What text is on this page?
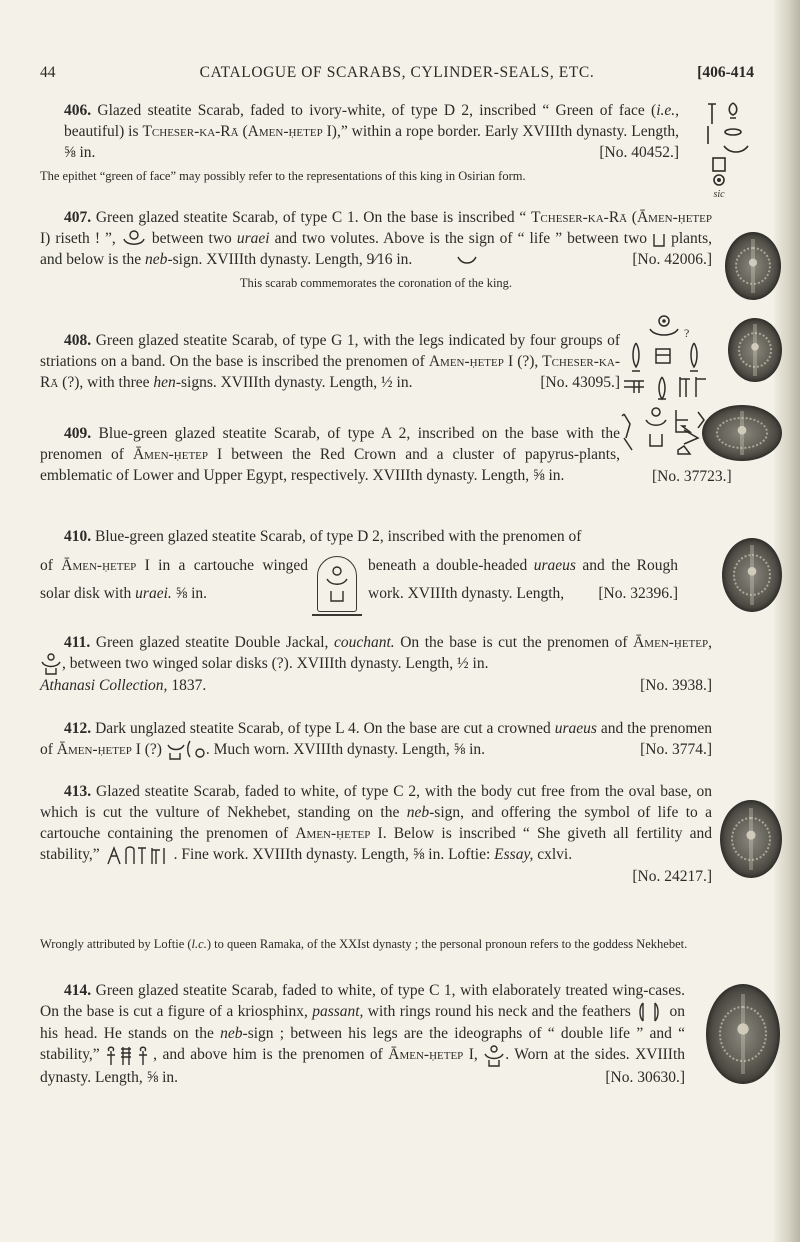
44	CATALOGUE OF SCARABS, CYLINDER-SEALS, ETC.	[406-414
406. Glazed steatite Scarab, faded to ivory-white, of type D 2, inscribed “ Green of face (i.e., beautiful) is Tcheser-ka-Rā (Amen-ḥetep I),” within a rope border. Early XVIIIth dynasty. Length, ⅝ in.	[No. 40452.]
The epithet “green of face” may possibly refer to the representations of this king in Osirian form.
sic
407. Green glazed steatite Scarab, of type C 1. On the base is inscribed “ Tcheser-ka-Rā (Āmen-ḥetep I) riseth ! ”,  between two uraei and two volutes. Above is the sign of “ life ” between two  plants, and below is the neb-sign. XVIIIth dynasty. Length, 9⁄16 in.	[No. 42006.]
This scarab commemorates the coronation of the king.
408. Green glazed steatite Scarab, of type G 1, with the legs indicated by four groups of striations on a band. On the base is inscribed the prenomen of Amen-ḥetep I (?), Tcheser-ka-Rā (?), with three hen-signs. XVIIIth dynasty. Length, ½ in.	[No. 43095.]
?
409. Blue-green glazed steatite Scarab, of type A 2, inscribed on the base with the prenomen of Āmen-ḥetep I between the Red Crown and a cluster of papyrus-plants, emblematic of Lower and Upper Egypt, respectively. XVIIIth dynasty. Length, ⅝ in.	[No. 37723.]
410. Blue-green glazed steatite Scarab, of type D 2, inscribed with the prenomen of
of Āmen-ḥetep I in a cartouche winged solar disk with uraei. ⅝ in.
beneath a double-headed uraeus and the Rough work. XVIIIth dynasty. Length, [No. 32396.]
411. Green glazed steatite Double Jackal, couchant. On the base is cut the prenomen of Āmen-ḥetep, , between two winged solar disks (?). XVIIIth dynasty. Length, ½ in.
Athanasi Collection, 1837.	[No. 3938.]
412. Dark unglazed steatite Scarab, of type L 4. On the base are cut a crowned uraeus and the prenomen of Āmen-ḥetep I (?)	. Much worn. XVIIIth dynasty. Length, ⅝ in.	[No. 3774.]
413. Glazed steatite Scarab, faded to white, of type C 2, with the body cut free from the oval base, on which is cut the vulture of Nekhebet, standing on the neb-sign, and offering the symbol of life to a cartouche containing the prenomen of Amen-ḥetep I. Below is inscribed “ She giveth all fertility and stability,”	. Fine work. XVIIIth dynasty. Length, ⅝ in. Loftie: Essay, cxlvi.

[No. 24217.]
Wrongly attributed by Loftie (l.c.) to queen Ramaka, of the XXIst dynasty ; the personal pronoun refers to the goddess Nekhebet.
414. Green glazed steatite Scarab, faded to white, of type C 1, with elaborately treated wing-cases. On the base is cut a figure of a kriosphinx, passant, with rings round his neck and the feathers  on his head. He stands on the neb-sign ; between his legs are the ideographs of “ double life ” and “ stability,”	, and above him is the prenomen of Āmen-ḥetep I, . Worn at the sides. XVIIIth dynasty. Length, ⅝ in.	[No. 30630.]
